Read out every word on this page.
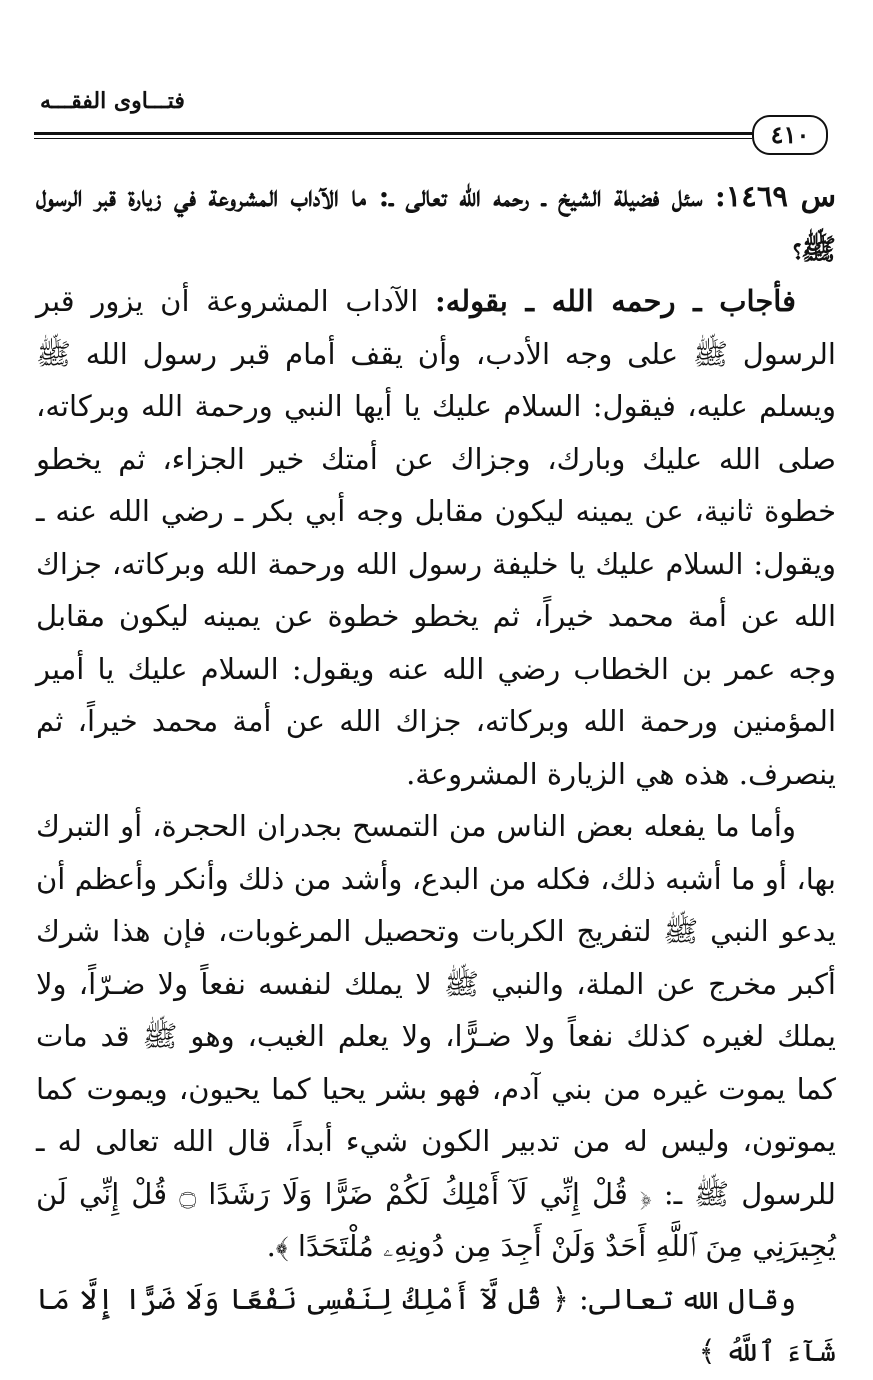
فتـــاوى الفقـــه
٤١٠

س ١٤٦٩: سئل فضيلة الشيخ ـ رحمه الله تعالى ـ: ما الآداب المشروعة في زيارة قبر الرسول ﷺ؟

فأجاب ـ رحمه الله ـ بقوله: الآداب المشروعة أن يزور قبر الرسول ﷺ على وجه الأدب، وأن يقف أمام قبر رسول الله ﷺ ويسلم عليه، فيقول: السلام عليك يا أيها النبي ورحمة الله وبركاته، صلى الله عليك وبارك، وجزاك عن أمتك خير الجزاء، ثم يخطو خطوة ثانية، عن يمينه ليكون مقابل وجه أبي بكر ـ رضي الله عنه ـ ويقول: السلام عليك يا خليفة رسول الله ورحمة الله وبركاته، جزاك الله عن أمة محمد خيراً، ثم يخطو خطوة عن يمينه ليكون مقابل وجه عمر بن الخطاب رضي الله عنه ويقول: السلام عليك يا أمير المؤمنين ورحمة الله وبركاته، جزاك الله عن أمة محمد خيراً، ثم ينصرف. هذه هي الزيارة المشروعة.

وأما ما يفعله بعض الناس من التمسح بجدران الحجرة، أو التبرك بها، أو ما أشبه ذلك، فكله من البدع، وأشد من ذلك وأنكر وأعظم أن يدعو النبي ﷺ لتفريج الكربات وتحصيل المرغوبات، فإن هذا شرك أكبر مخرج عن الملة، والنبي ﷺ لا يملك لنفسه نفعاً ولا ضـرّاً، ولا يملك لغيره كذلك نفعاً ولا ضـرًّا، ولا يعلم الغيب، وهو ﷺ قد مات كما يموت غيره من بني آدم، فهو بشر يحيا كما يحيون، ويموت كما يموتون، وليس له من تدبير الكون شيء أبداً، قال الله تعالى له ـ للرسول ﷺ ـ: ﴿ قُلْ إِنِّي لَآ أَمْلِكُ لَكُمْ ضَرًّا وَلَا رَشَدًا ۝ قُلْ إِنِّي لَن يُجِيرَنِي مِنَ ٱللَّهِ أَحَدٌ وَلَنْ أَجِدَ مِن دُونِهِۦ مُلْتَحَدًا ﴾.

وقال الله تعالى: ﴿ قُل لَّآ أَمْلِكُ لِنَفْسِى نَفْعًا وَلَا ضَرًّا إِلَّا مَا شَآءَ ٱللَّهُ ﴾
